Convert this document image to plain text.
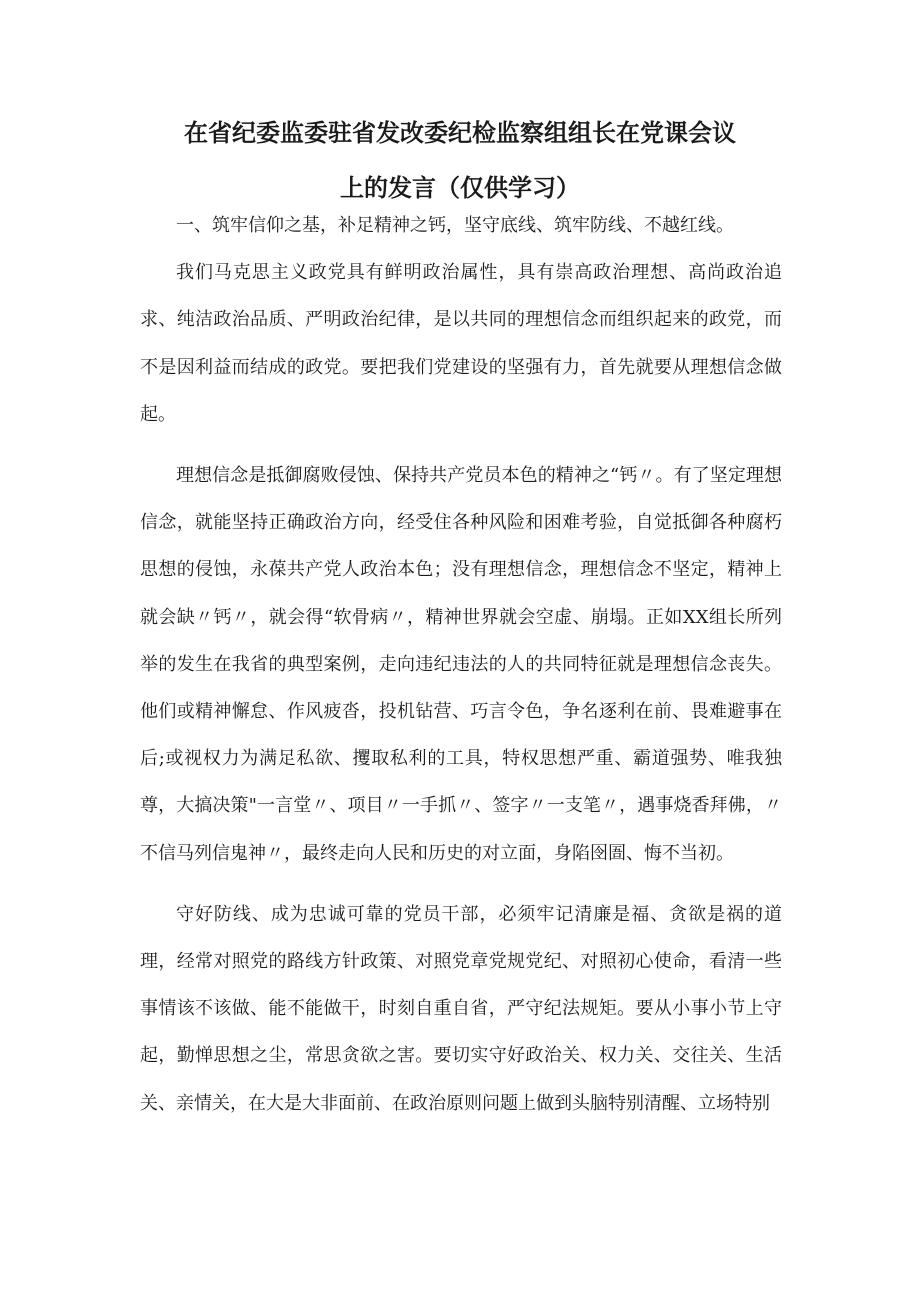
在省纪委监委驻省发改委纪检监察组组长在党课会议
上的发言（仅供学习）

一、筑牢信仰之基，补足精神之钙，坚守底线、筑牢防线、不越红线。

我们马克思主义政党具有鲜明政治属性，具有崇高政治理想、高尚政治追求、纯洁政治品质、严明政治纪律，是以共同的理想信念而组织起来的政党，而不是因利益而结成的政党。要把我们党建设的坚强有力，首先就要从理想信念做起。

理想信念是抵御腐败侵蚀、保持共产党员本色的精神之“钙〃。有了坚定理想信念，就能坚持正确政治方向，经受住各种风险和困难考验，自觉抵御各种腐朽思想的侵蚀，永葆共产党人政治本色；没有理想信念，理想信念不坚定，精神上就会缺〃钙〃，就会得“软骨病〃，精神世界就会空虚、崩塌。正如XX组长所列举的发生在我省的典型案例，走向违纪违法的人的共同特征就是理想信念丧失。他们或精神懈怠、作风疲沓，投机钻营、巧言令色，争名逐利在前、畏难避事在后;或视权力为满足私欲、攫取私利的工具，特权思想严重、霸道强势、唯我独尊，大搞决策"一言堂〃、项目〃一手抓〃、签字〃一支笔〃，遇事烧香拜佛，〃不信马列信鬼神〃，最终走向人民和历史的对立面，身陷囹圄、悔不当初。

守好防线、成为忠诚可靠的党员干部，必须牢记清廉是福、贪欲是祸的道理，经常对照党的路线方针政策、对照党章党规党纪、对照初心使命，看清一些事情该不该做、能不能做干，时刻自重自省，严守纪法规矩。要从小事小节上守起，勤惮思想之尘，常思贪欲之害。要切实守好政治关、权力关、交往关、生活关、亲情关，在大是大非面前、在政治原则问题上做到头脑特别清醒、立场特别
